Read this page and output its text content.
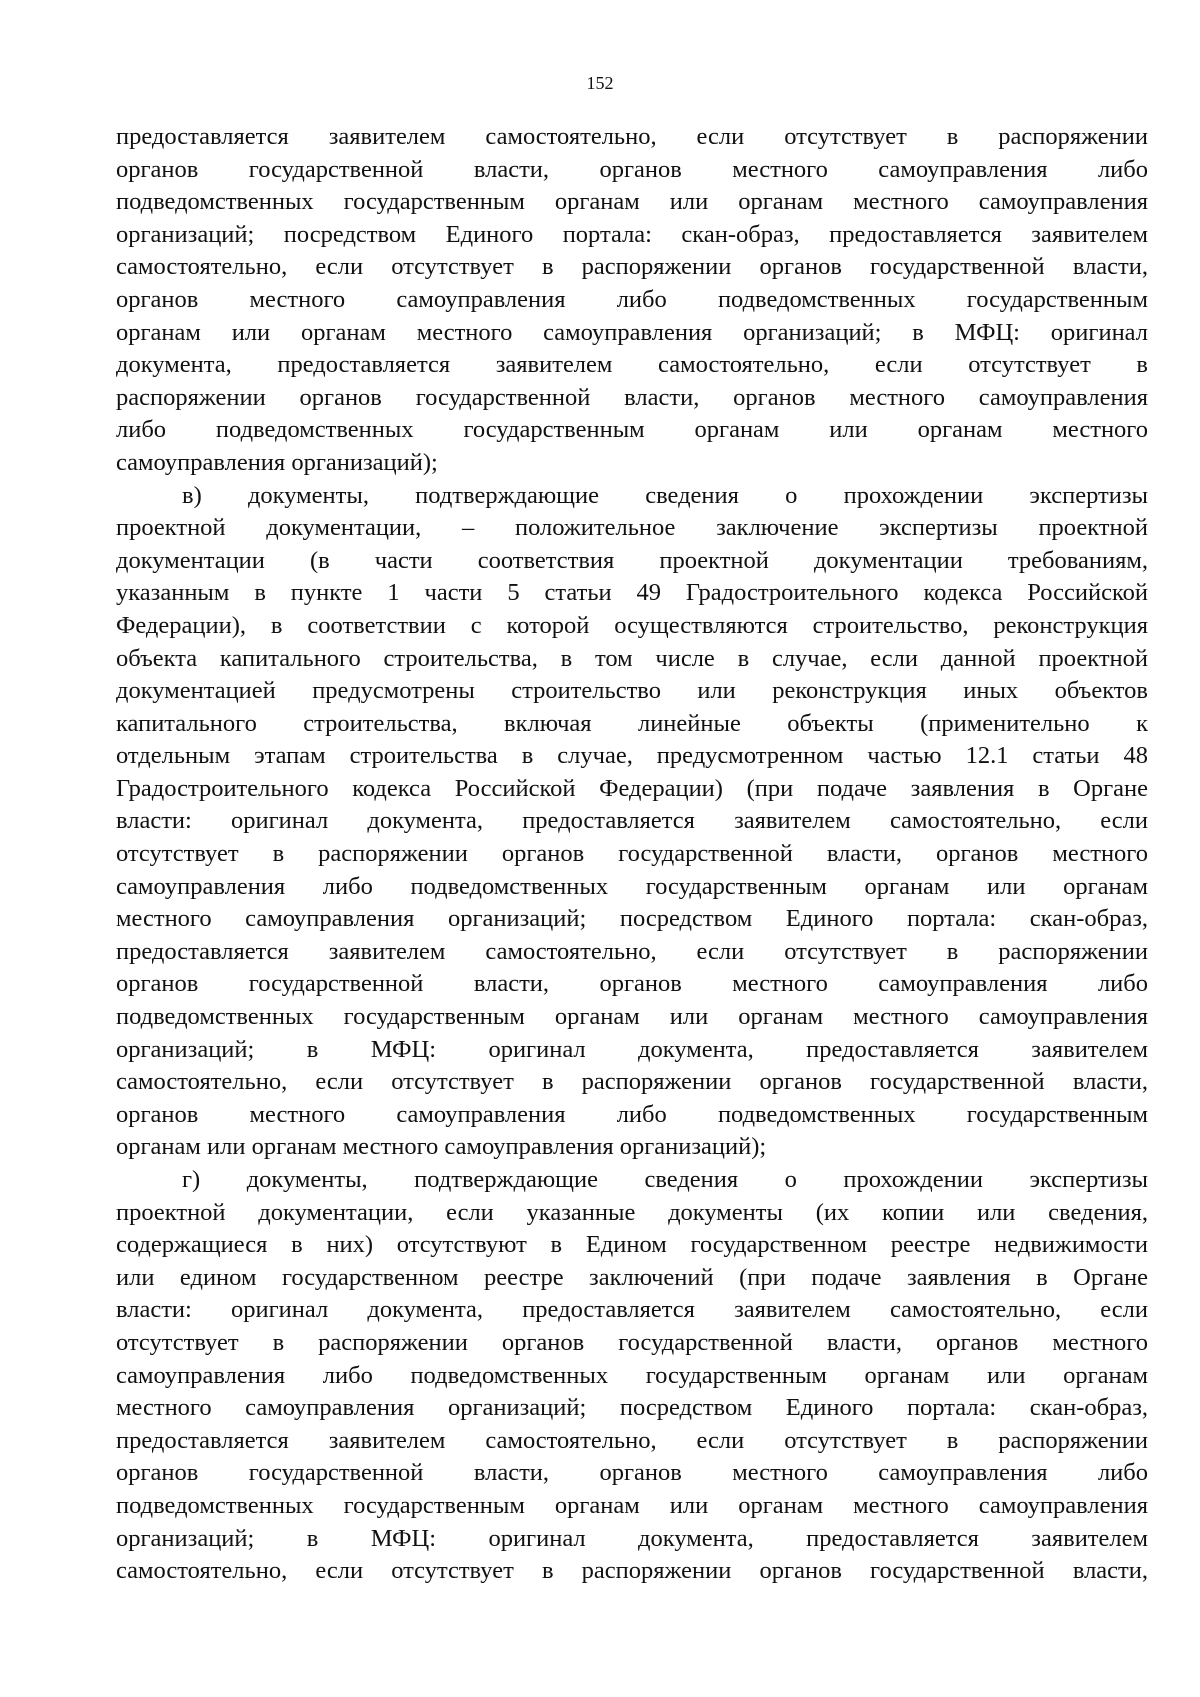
152
предоставляется заявителем самостоятельно, если отсутствует в распоряжении
органов государственной власти, органов местного самоуправления либо
подведомственных государственным органам или органам местного самоуправления
организаций; посредством Единого портала: скан-образ, предоставляется заявителем
самостоятельно, если отсутствует в распоряжении органов государственной власти,
органов местного самоуправления либо подведомственных государственным
органам или органам местного самоуправления организаций; в МФЦ: оригинал
документа, предоставляется заявителем самостоятельно, если отсутствует в
распоряжении органов государственной власти, органов местного самоуправления
либо подведомственных государственным органам или органам местного
самоуправления организаций);
в) документы, подтверждающие сведения о прохождении экспертизы
проектной документации, – положительное заключение экспертизы проектной
документации (в части соответствия проектной документации требованиям,
указанным в пункте 1 части 5 статьи 49 Градостроительного кодекса Российской
Федерации), в соответствии с которой осуществляются строительство, реконструкция
объекта капитального строительства, в том числе в случае, если данной проектной
документацией предусмотрены строительство или реконструкция иных объектов
капитального строительства, включая линейные объекты (применительно к
отдельным этапам строительства в случае, предусмотренном частью 12.1 статьи 48
Градостроительного кодекса Российской Федерации) (при подаче заявления в Органе
власти: оригинал документа, предоставляется заявителем самостоятельно, если
отсутствует в распоряжении органов государственной власти, органов местного
самоуправления либо подведомственных государственным органам или органам
местного самоуправления организаций; посредством Единого портала: скан-образ,
предоставляется заявителем самостоятельно, если отсутствует в распоряжении
органов государственной власти, органов местного самоуправления либо
подведомственных государственным органам или органам местного самоуправления
организаций; в МФЦ: оригинал документа, предоставляется заявителем
самостоятельно, если отсутствует в распоряжении органов государственной власти,
органов местного самоуправления либо подведомственных государственным
органам или органам местного самоуправления организаций);
г) документы, подтверждающие сведения о прохождении экспертизы
проектной документации, если указанные документы (их копии или сведения,
содержащиеся в них) отсутствуют в Едином государственном реестре недвижимости
или едином государственном реестре заключений (при подаче заявления в Органе
власти: оригинал документа, предоставляется заявителем самостоятельно, если
отсутствует в распоряжении органов государственной власти, органов местного
самоуправления либо подведомственных государственным органам или органам
местного самоуправления организаций; посредством Единого портала: скан-образ,
предоставляется заявителем самостоятельно, если отсутствует в распоряжении
органов государственной власти, органов местного самоуправления либо
подведомственных государственным органам или органам местного самоуправления
организаций; в МФЦ: оригинал документа, предоставляется заявителем
самостоятельно, если отсутствует в распоряжении органов государственной власти,
